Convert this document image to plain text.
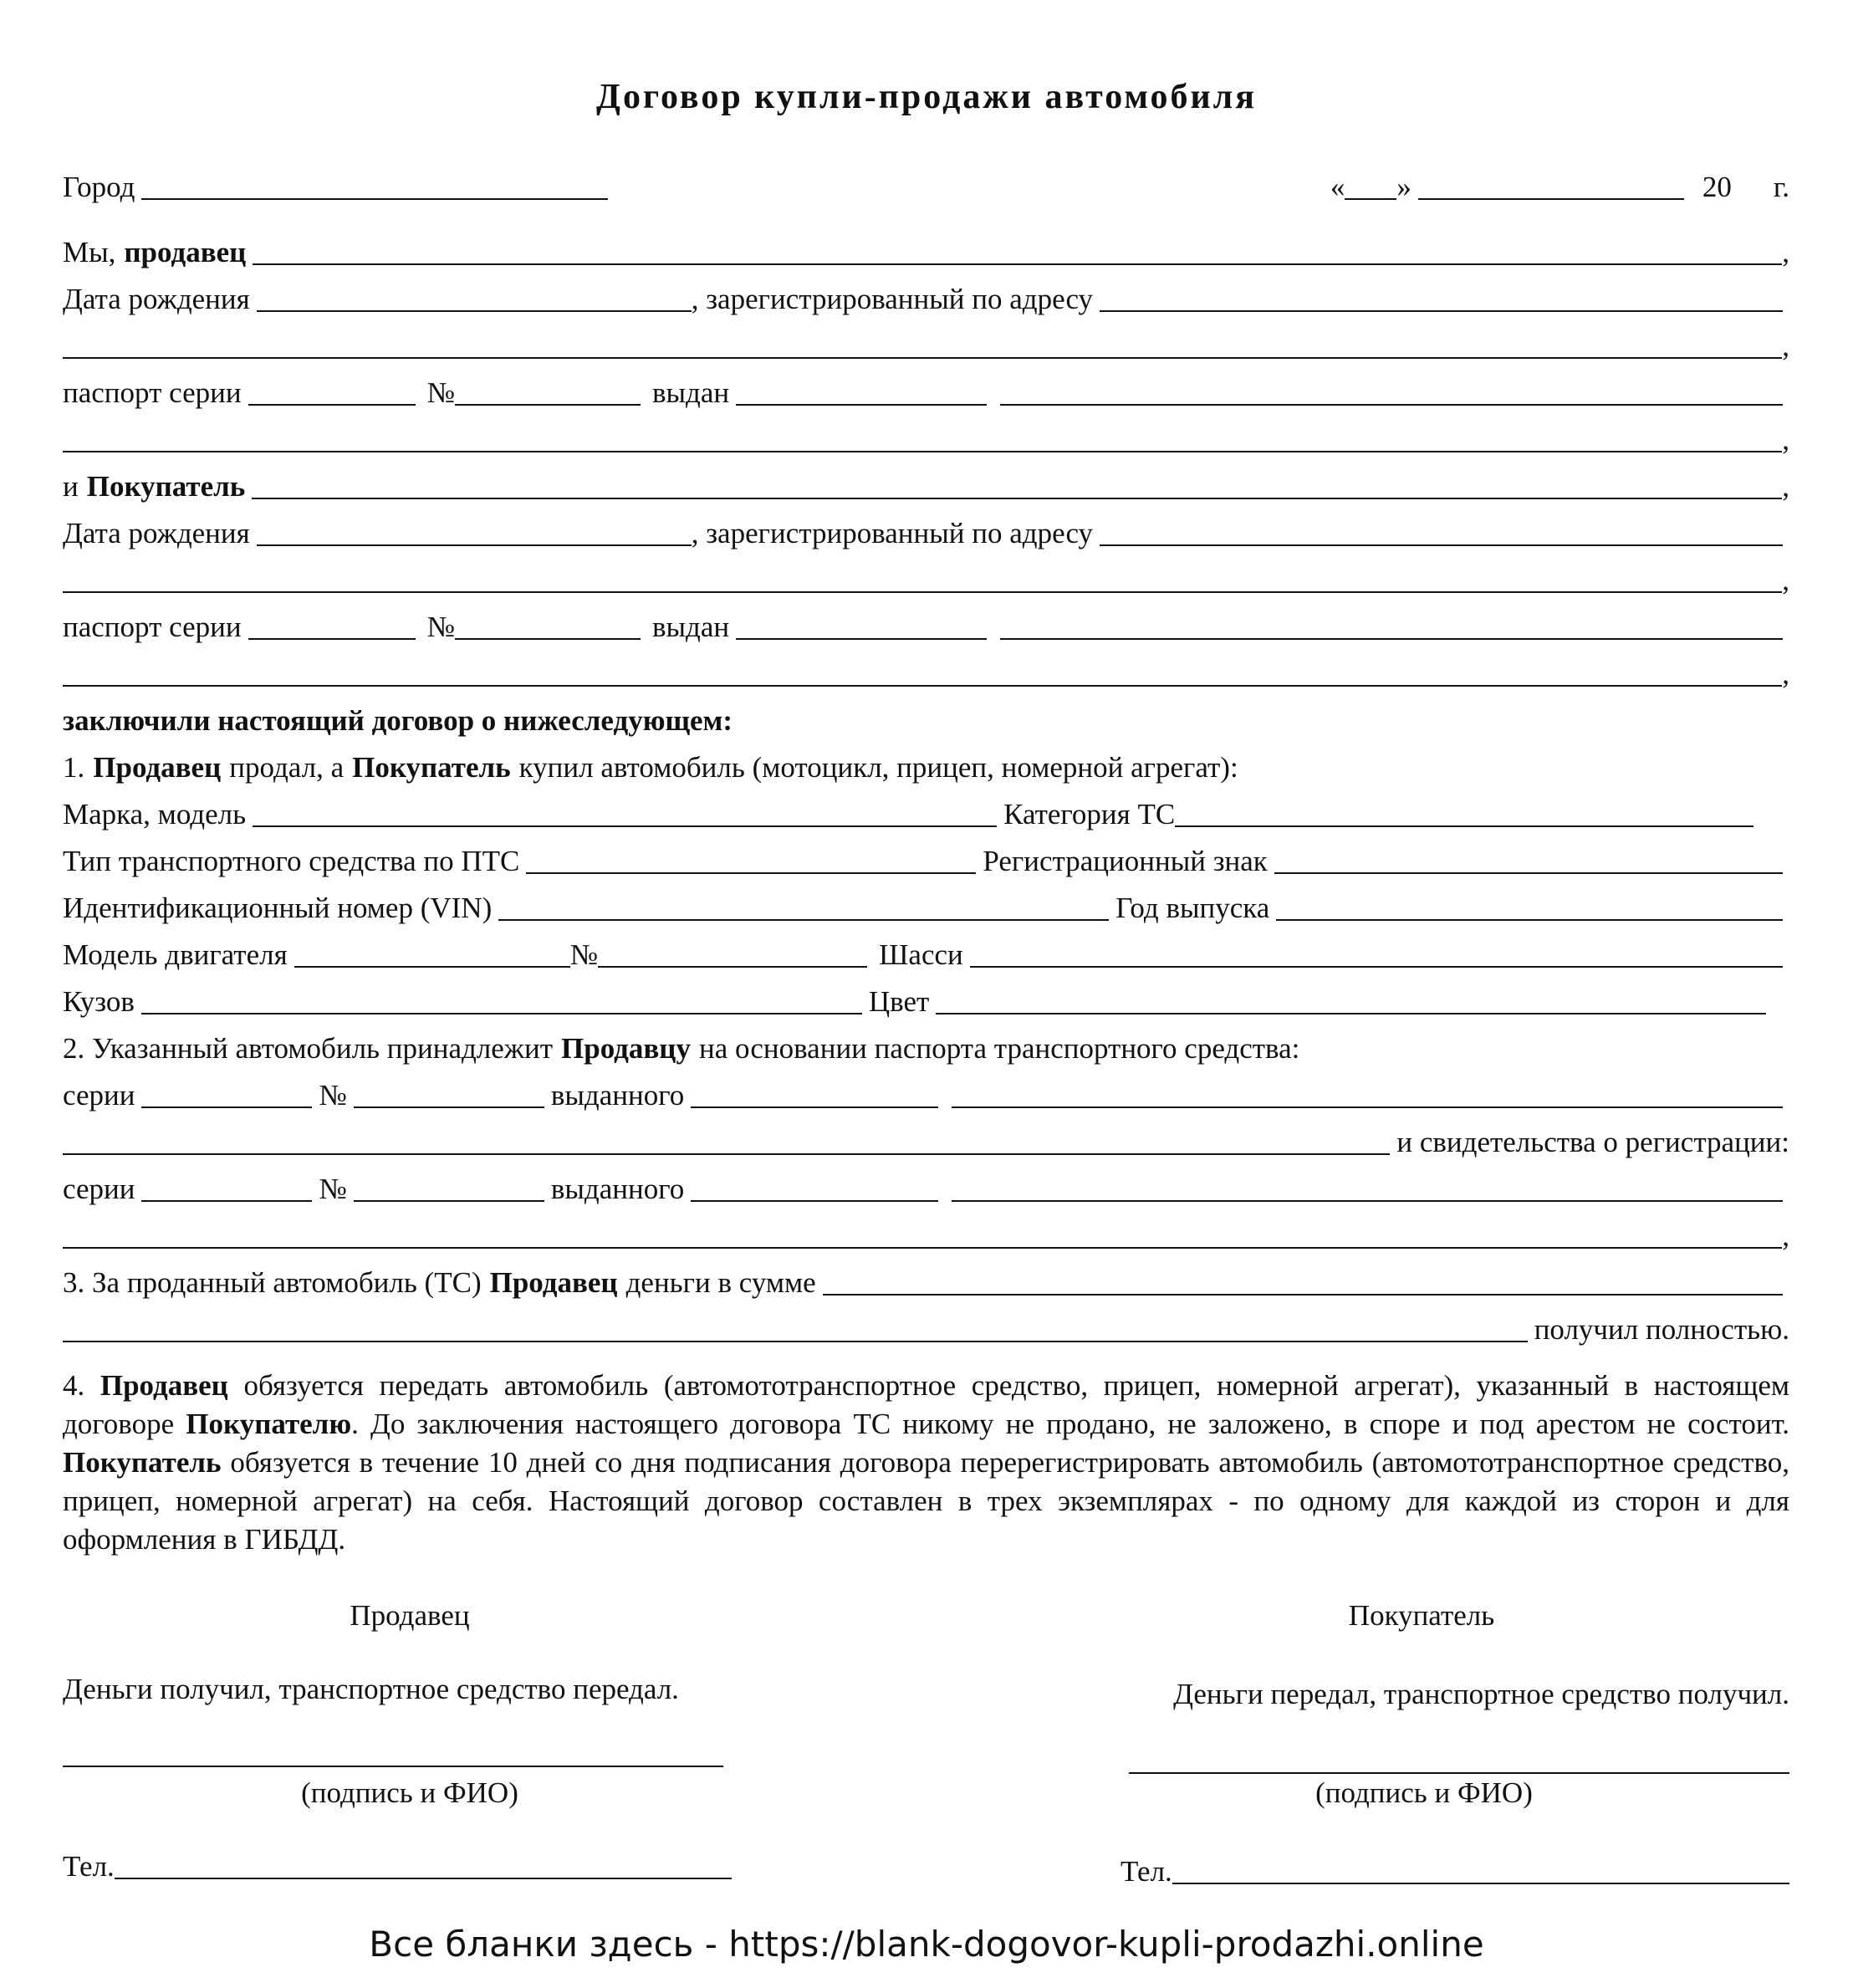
Договор купли-продажи автомобиля
Город	« »	20 г.
Мы, продавец	,
Дата рождения	, зарегистрированный по адресу
,
паспорт серии	№	выдан
,
и Покупатель	,
Дата рождения	, зарегистрированный по адресу
,
паспорт серии	№	выдан
,
заключили настоящий договор о нижеследующем:
1. Продавец продал, а Покупатель купил автомобиль (мотоцикл, прицеп, номерной агрегат):
Марка, модель	Категория ТС
Тип транспортного средства по ПТС	Регистрационный знак
Идентификационный номер (VIN)	Год выпуска
Модель двигателя	№	Шасси
Кузов	Цвет
2. Указанный автомобиль принадлежит Продавцу на основании паспорта транспортного средства:
серии	№	выданного
и свидетельства о регистрации:
серии	№	выданного
,
3. За проданный автомобиль (ТС) Продавец деньги в сумме
получил полностью.
4. Продавец обязуется передать автомобиль (автомототранспортное средство, прицеп, номерной агрегат), указанный в настоящем договоре Покупателю. До заключения настоящего договора ТС никому не продано, не заложено, в споре и под арестом не состоит. Покупатель обязуется в течение 10 дней со дня подписания договора перерегистрировать автомобиль (автомототранспортное средство, прицеп, номерной агрегат) на себя. Настоящий договор составлен в трех экземплярах - по одному для каждой из сторон и для оформления в ГИБДД.
Продавец	Покупатель
Деньги получил, транспортное средство передал.	Деньги передал, транспортное средство получил.
(подпись и ФИО)	(подпись и ФИО)
Тел.	Тел.
Все бланки здесь - https://blank-dogovor-kupli-prodazhi.online
